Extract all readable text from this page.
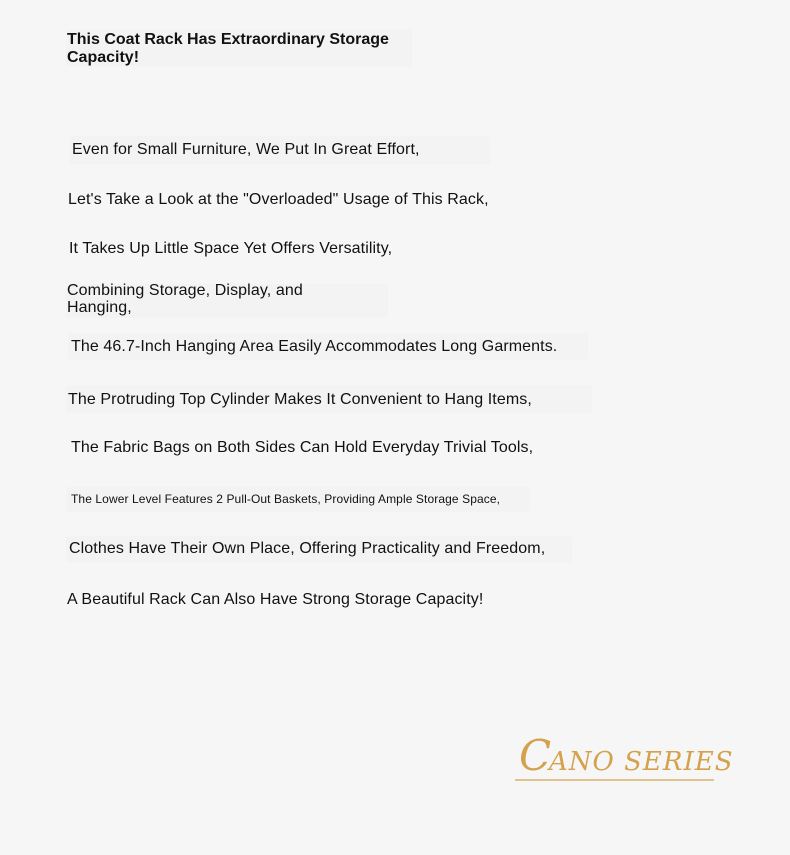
This Coat Rack Has Extraordinary Storage Capacity!

Even for Small Furniture, We Put In Great Effort,

Let's Take a Look at the "Overloaded" Usage of This Rack,

It Takes Up Little Space Yet Offers Versatility,

Combining Storage, Display, and Hanging,

The 46.7-Inch Hanging Area Easily Accommodates Long Garments.

The Protruding Top Cylinder Makes It Convenient to Hang Items,

The Fabric Bags on Both Sides Can Hold Everyday Trivial Tools,

The Lower Level Features 2 Pull-Out Baskets, Providing Ample Storage Space,

Clothes Have Their Own Place, Offering Practicality and Freedom,

A Beautiful Rack Can Also Have Strong Storage Capacity!

C
ANO SERIES
